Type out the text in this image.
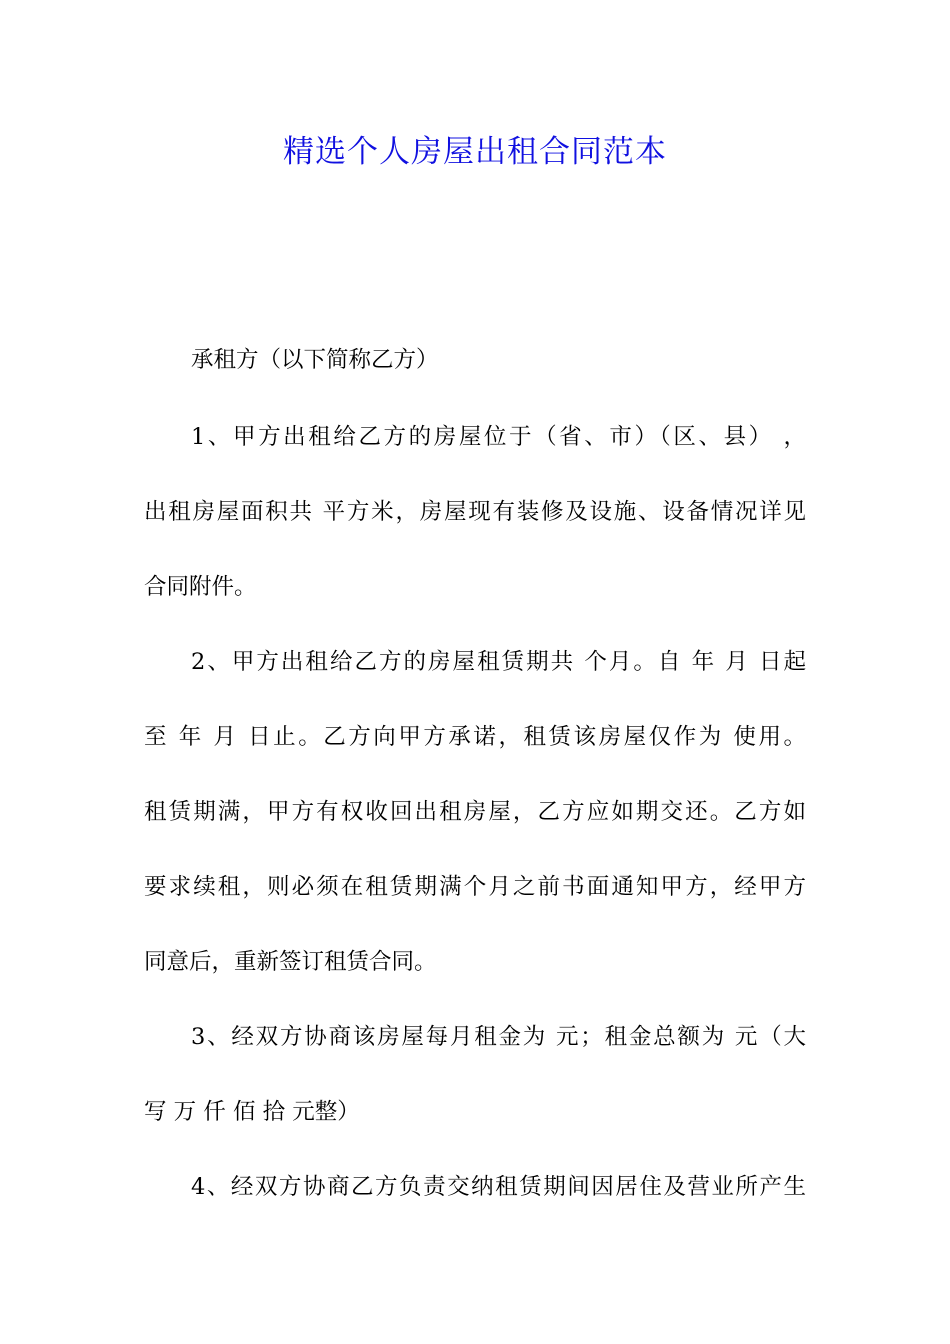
精选个人房屋出租合同范本
承租方（以下简称乙方）
1、甲方出租给乙方的房屋位于（省、市）（区、县） ，
出租房屋面积共 平方米，房屋现有装修及设施、设备情况详见
合同附件。
2、甲方出租给乙方的房屋租赁期共 个月。自 年 月 日起
至 年 月 日止。乙方向甲方承诺，租赁该房屋仅作为 使用。
租赁期满，甲方有权收回出租房屋，乙方应如期交还。乙方如
要求续租，则必须在租赁期满个月之前书面通知甲方，经甲方
同意后，重新签订租赁合同。
3、经双方协商该房屋每月租金为 元；租金总额为 元（大
写 万 仟 佰 拾 元整）
4、经双方协商乙方负责交纳租赁期间因居住及营业所产生
